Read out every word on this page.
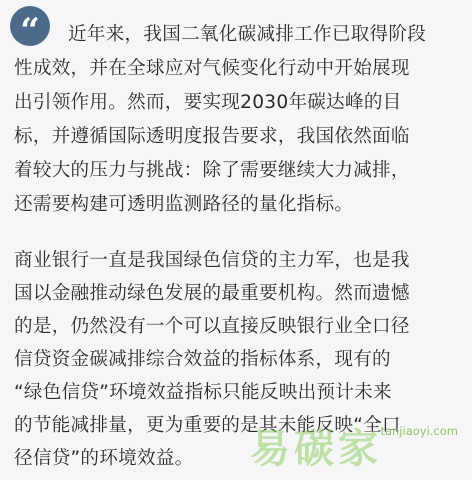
“	近年来，我国二氧化碳减排工作已取得阶段
性成效，并在全球应对气候变化行动中开始展现
出引领作用。然而，要实现2030年碳达峰的目
标，并遵循国际透明度报告要求，我国依然面临
着较大的压力与挑战：除了需要继续大力减排，
还需要构建可透明监测路径的量化指标。
商业银行一直是我国绿色信贷的主力军，也是我
国以金融推动绿色发展的最重要机构。然而遗憾
的是，仍然没有一个可以直接反映银行业全口径
信贷资金碳减排综合效益的指标体系，现有的
“绿色信贷”环境效益指标只能反映出预计未来
的节能减排量，更为重要的是其未能反映“全口
径信贷”的环境效益。 易碳家
tanjiaoyi.com
